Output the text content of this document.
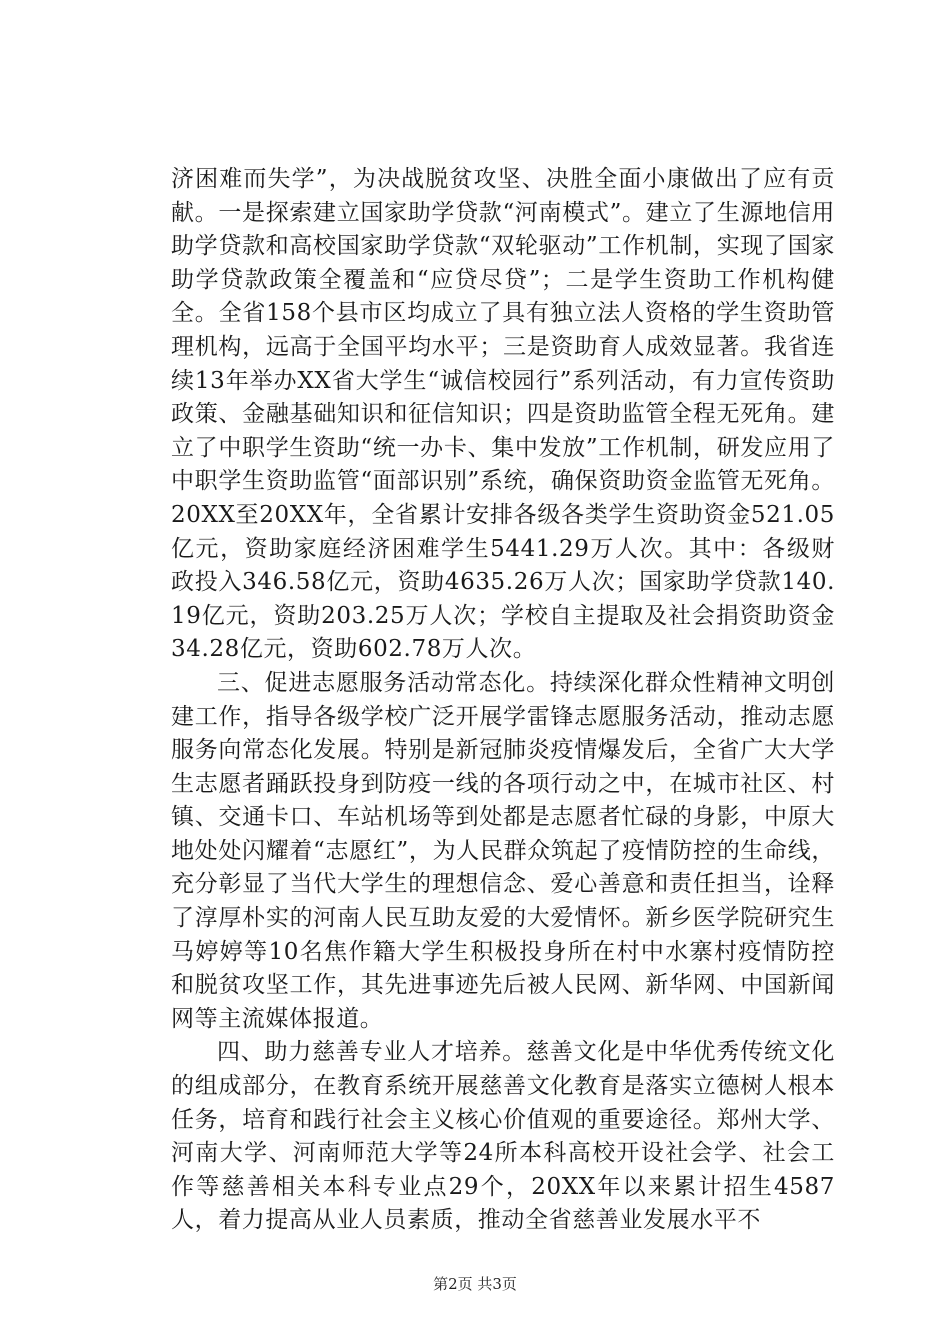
济困难而失学”，为决战脱贫攻坚、决胜全面小康做出了应有贡献。一是探索建立国家助学贷款“河南模式”。建立了生源地信用助学贷款和高校国家助学贷款“双轮驱动”工作机制，实现了国家助学贷款政策全覆盖和“应贷尽贷”；二是学生资助工作机构健全。全省158个县市区均成立了具有独立法人资格的学生资助管理机构，远高于全国平均水平；三是资助育人成效显著。我省连续13年举办XX省大学生“诚信校园行”系列活动，有力宣传资助政策、金融基础知识和征信知识；四是资助监管全程无死角。建立了中职学生资助“统一办卡、集中发放”工作机制，研发应用了中职学生资助监管“面部识别”系统，确保资助资金监管无死角。20XX至20XX年，全省累计安排各级各类学生资助资金521.05亿元，资助家庭经济困难学生5441.29万人次。其中：各级财政投入346.58亿元，资助4635.26万人次；国家助学贷款140.19亿元，资助203.25万人次；学校自主提取及社会捐资助资金34.28亿元，资助602.78万人次。

三、促进志愿服务活动常态化。持续深化群众性精神文明创建工作，指导各级学校广泛开展学雷锋志愿服务活动，推动志愿服务向常态化发展。特别是新冠肺炎疫情爆发后，全省广大大学生志愿者踊跃投身到防疫一线的各项行动之中，在城市社区、村镇、交通卡口、车站机场等到处都是志愿者忙碌的身影，中原大地处处闪耀着“志愿红”，为人民群众筑起了疫情防控的生命线，充分彰显了当代大学生的理想信念、爱心善意和责任担当，诠释了淳厚朴实的河南人民互助友爱的大爱情怀。新乡医学院研究生马婷婷等10名焦作籍大学生积极投身所在村中水寨村疫情防控和脱贫攻坚工作，其先进事迹先后被人民网、新华网、中国新闻网等主流媒体报道。

四、助力慈善专业人才培养。慈善文化是中华优秀传统文化的组成部分，在教育系统开展慈善文化教育是落实立德树人根本任务，培育和践行社会主义核心价值观的重要途径。郑州大学、河南大学、河南师范大学等24所本科高校开设社会学、社会工作等慈善相关本科专业点29个，20XX年以来累计招生4587人，着力提高从业人员素质，推动全省慈善业发展水平不

第2页 共3页
